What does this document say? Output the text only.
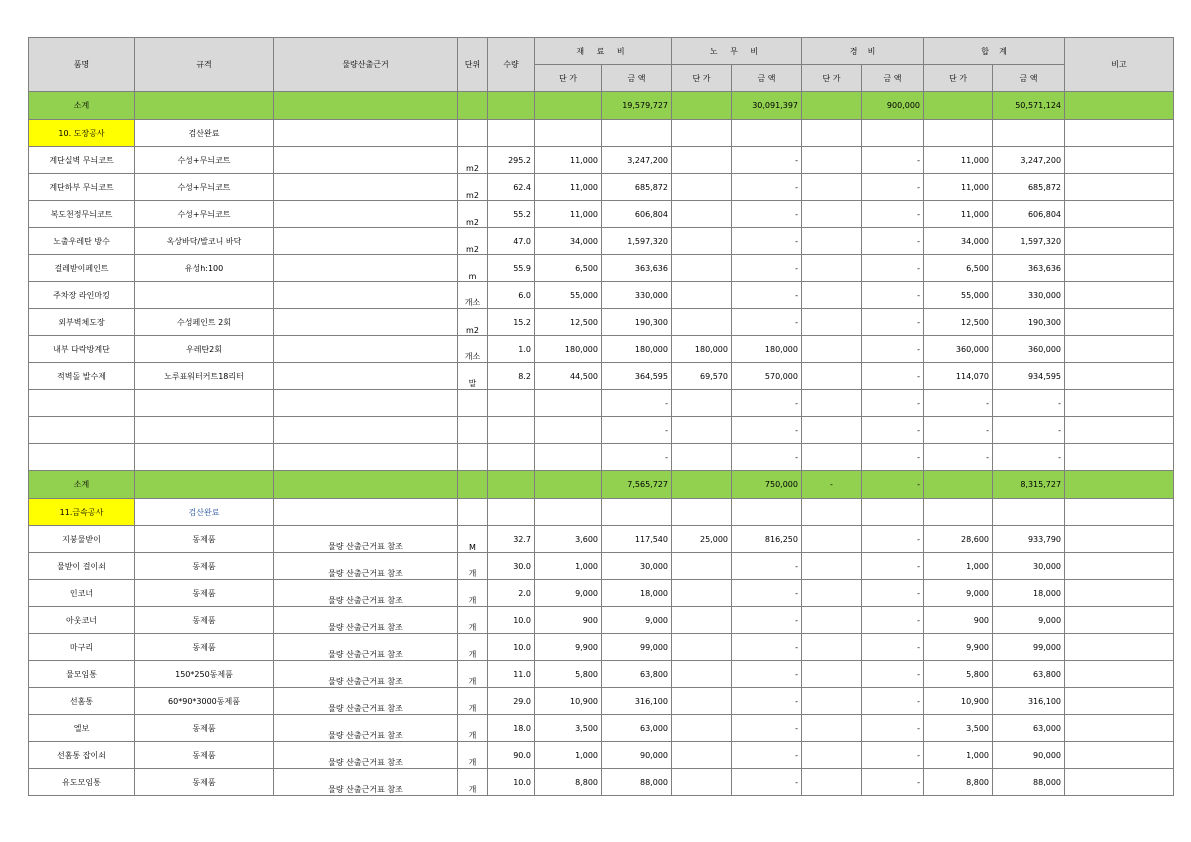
품명	규격	물량산출근거	단위	수량	재 료 비		노 무 비		경    비		합    계		비고
					단 가	금 액	단 가	금 액	단 가	금 액	단 가	금 액	
소계						19,579,727		30,091,397		900,000		50,571,124	
10. 도장공사	검산완료												
계단실벽 무늬코트	수성+무늬코트		m2	295.2	11,000	3,247,200		-		-	11,000	3,247,200	
계단하부 무늬코트	수성+무늬코트		m2	62.4	11,000	685,872		-		-	11,000	685,872	
복도천정무늬코트	수성+무늬코트		m2	55.2	11,000	606,804		-		-	11,000	606,804	
노출우레탄 방수	옥상바닥/발코니 바닥		m2	47.0	34,000	1,597,320		-		-	34,000	1,597,320	
걸레받이페인트	유성h:100		m	55.9	6,500	363,636		-		-	6,500	363,636	
주차장 라인마킹			개소	6.0	55,000	330,000		-		-	55,000	330,000	
외부벽체도장	수성페인트 2회		m2	15.2	12,500	190,300		-		-	12,500	190,300	
내부 다락방계단	우레탄2회		개소	1.0	180,000	180,000	180,000	180,000		-	360,000	360,000	
적벽돌 발수제	노루표워터커트18리터		말	8.2	44,500	364,595	69,570	570,000		-	114,070	934,595	
						-		-		-	-	-	
						-		-		-	-	-	
						-		-		-	-	-	
소계						7,565,727		750,000	-	-		8,315,727	
11.금속공사	검산완료												
지붕물받이	동제품	물량 산출근거표 참조	M	32.7	3,600	117,540	25,000	816,250		-	28,600	933,790	
물받이 걸이쇠	동제품	물량 산출근거표 참조	개	30.0	1,000	30,000		-		-	1,000	30,000	
인코너	동제품	물량 산출근거표 참조	개	2.0	9,000	18,000		-		-	9,000	18,000	
아웃코너	동제품	물량 산출근거표 참조	개	10.0	900	9,000		-		-	900	9,000	
마구리	동제품	물량 산출근거표 참조	개	10.0	9,900	99,000		-		-	9,900	99,000	
물모임통	150*250동제품	물량 산출근거표 참조	개	11.0	5,800	63,800		-		-	5,800	63,800	
선홈통	60*90*3000동제품	물량 산출근거표 참조	개	29.0	10,900	316,100		-		-	10,900	316,100	
엘보	동제품	물량 산출근거표 참조	개	18.0	3,500	63,000		-		-	3,500	63,000	
선홈통 잡이쇠	동제품	물량 산출근거표 참조	개	90.0	1,000	90,000		-		-	1,000	90,000	
유도모임통	동제품	물량 산출근거표 참조	개	10.0	8,800	88,000		-		-	8,800	88,000	
